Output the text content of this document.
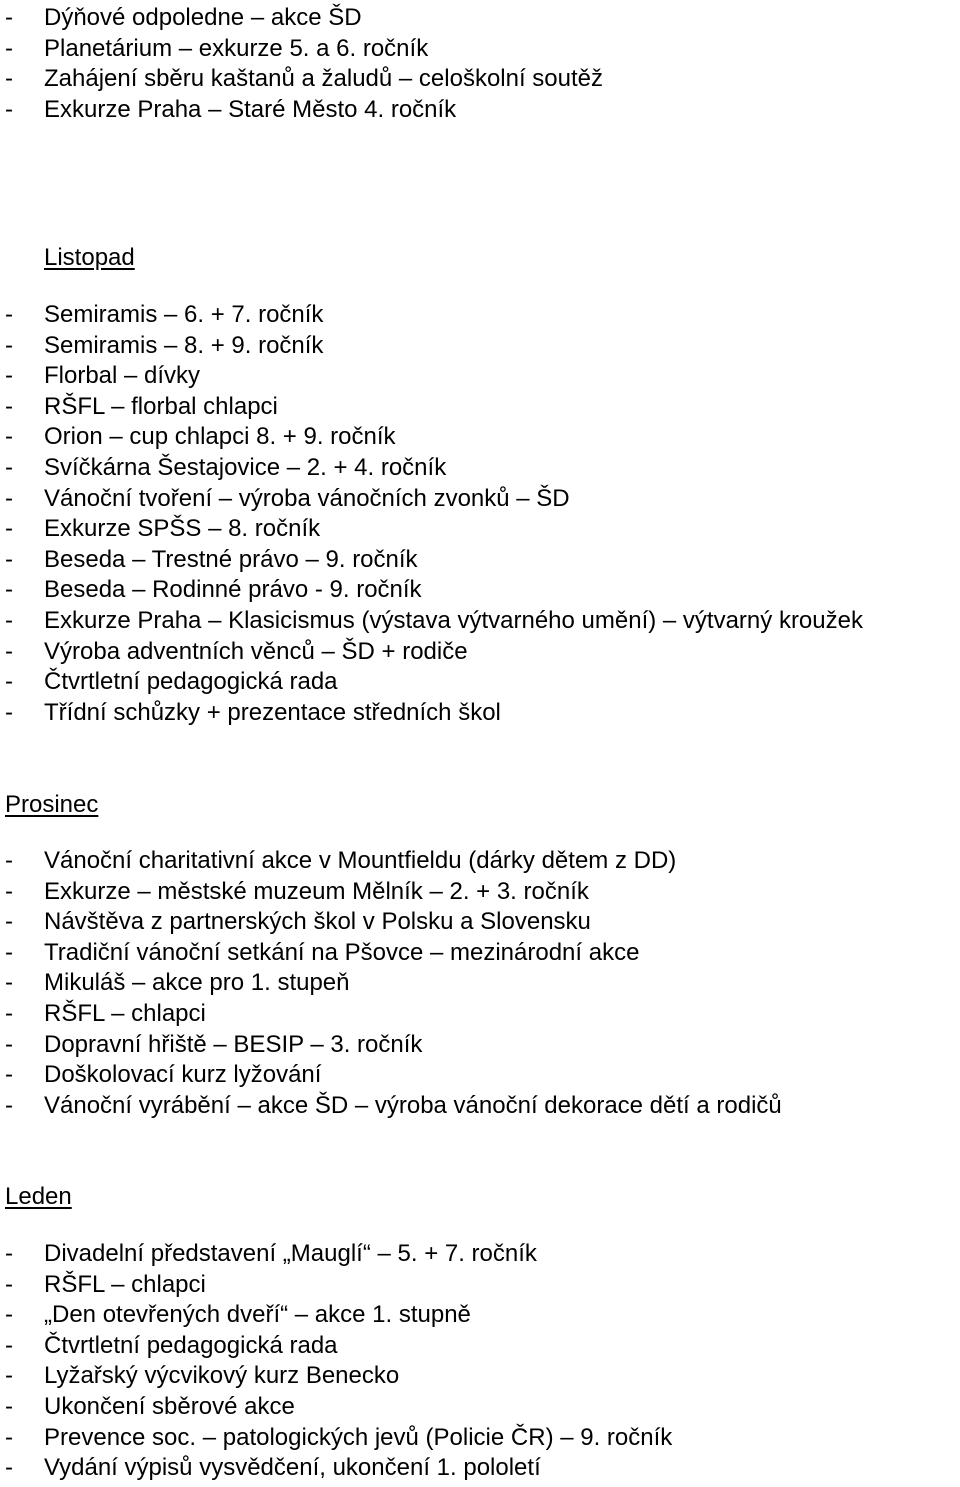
- Dýňové odpoledne – akce ŠD
- Planetárium – exkurze 5. a 6. ročník
- Zahájení sběru kaštanů a žaludů – celoškolní soutěž
- Exkurze Praha – Staré Město 4. ročník
Listopad
- Semiramis – 6. + 7. ročník
- Semiramis – 8. + 9. ročník
- Florbal – dívky
- RŠFL – florbal chlapci
- Orion – cup chlapci 8. + 9. ročník
- Svíčkárna Šestajovice – 2. + 4. ročník
- Vánoční tvoření – výroba vánočních zvonků – ŠD
- Exkurze SPŠS – 8. ročník
- Beseda – Trestné právo – 9. ročník
- Beseda – Rodinné právo - 9. ročník
- Exkurze Praha – Klasicismus (výstava výtvarného umění) – výtvarný kroužek
- Výroba adventních věnců – ŠD + rodiče
- Čtvrtletní pedagogická rada
- Třídní schůzky + prezentace středních škol
Prosinec
- Vánoční charitativní akce v Mountfieldu (dárky dětem z DD)
- Exkurze – městské muzeum Mělník – 2. + 3. ročník
- Návštěva z partnerských škol v Polsku a Slovensku
- Tradiční vánoční setkání na Pšovce – mezinárodní akce
- Mikuláš – akce pro 1. stupeň
- RŠFL – chlapci
- Dopravní hřiště – BESIP – 3. ročník
- Doškolovací kurz lyžování
- Vánoční vyrábění – akce ŠD – výroba vánoční dekorace dětí a rodičů
Leden
- Divadelní představení „Mauglí“ – 5. + 7. ročník
- RŠFL – chlapci
- „Den otevřených dveří“ – akce 1. stupně
- Čtvrtletní pedagogická rada
- Lyžařský výcvikový kurz Benecko
- Ukončení sběrové akce
- Prevence soc. – patologických jevů (Policie ČR) – 9. ročník
- Vydání výpisů vysvědčení, ukončení 1. pololetí
